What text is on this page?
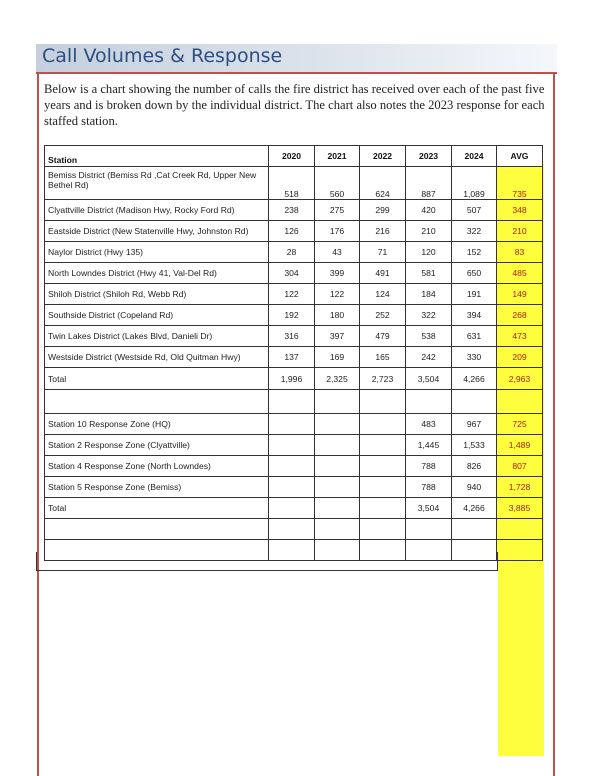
Call Volumes & Response
Below is a chart showing the number of calls the fire district has received over each of the past five years and is broken down by the individual district. The chart also notes the 2023 response for each staffed station.
Station	2020	2021	2022	2023	2024	AVG
Bemiss District (Bemiss Rd ,Cat Creek Rd, Upper New Bethel Rd)	518	560	624	887	1,089	735
Clyattville District (Madison Hwy, Rocky Ford Rd)	238	275	299	420	507	348
Eastside District (New Statenville Hwy, Johnston Rd)	126	176	216	210	322	210
Naylor District (Hwy 135)	28	43	71	120	152	83
North Lowndes District (Hwy 41, Val-Del Rd)	304	399	491	581	650	485
Shiloh District (Shiloh Rd, Webb Rd)	122	122	124	184	191	149
Southside District (Copeland Rd)	192	180	252	322	394	268
Twin Lakes District (Lakes Blvd, Danieli Dr)	316	397	479	538	631	473
Westside District (Westside Rd, Old Quitman Hwy)	137	169	165	242	330	209
Total	1,996	2,325	2,723	3,504	4,266	2,963

Station 10 Response Zone (HQ)				483	967	725
Station 2 Response Zone (Clyattville)				1,445	1,533	1,489
Station 4 Response Zone (North Lowndes)				788	826	807
Station 5 Response Zone (Bemiss)				788	940	1,728
Total				3,504	4,266	3,885
